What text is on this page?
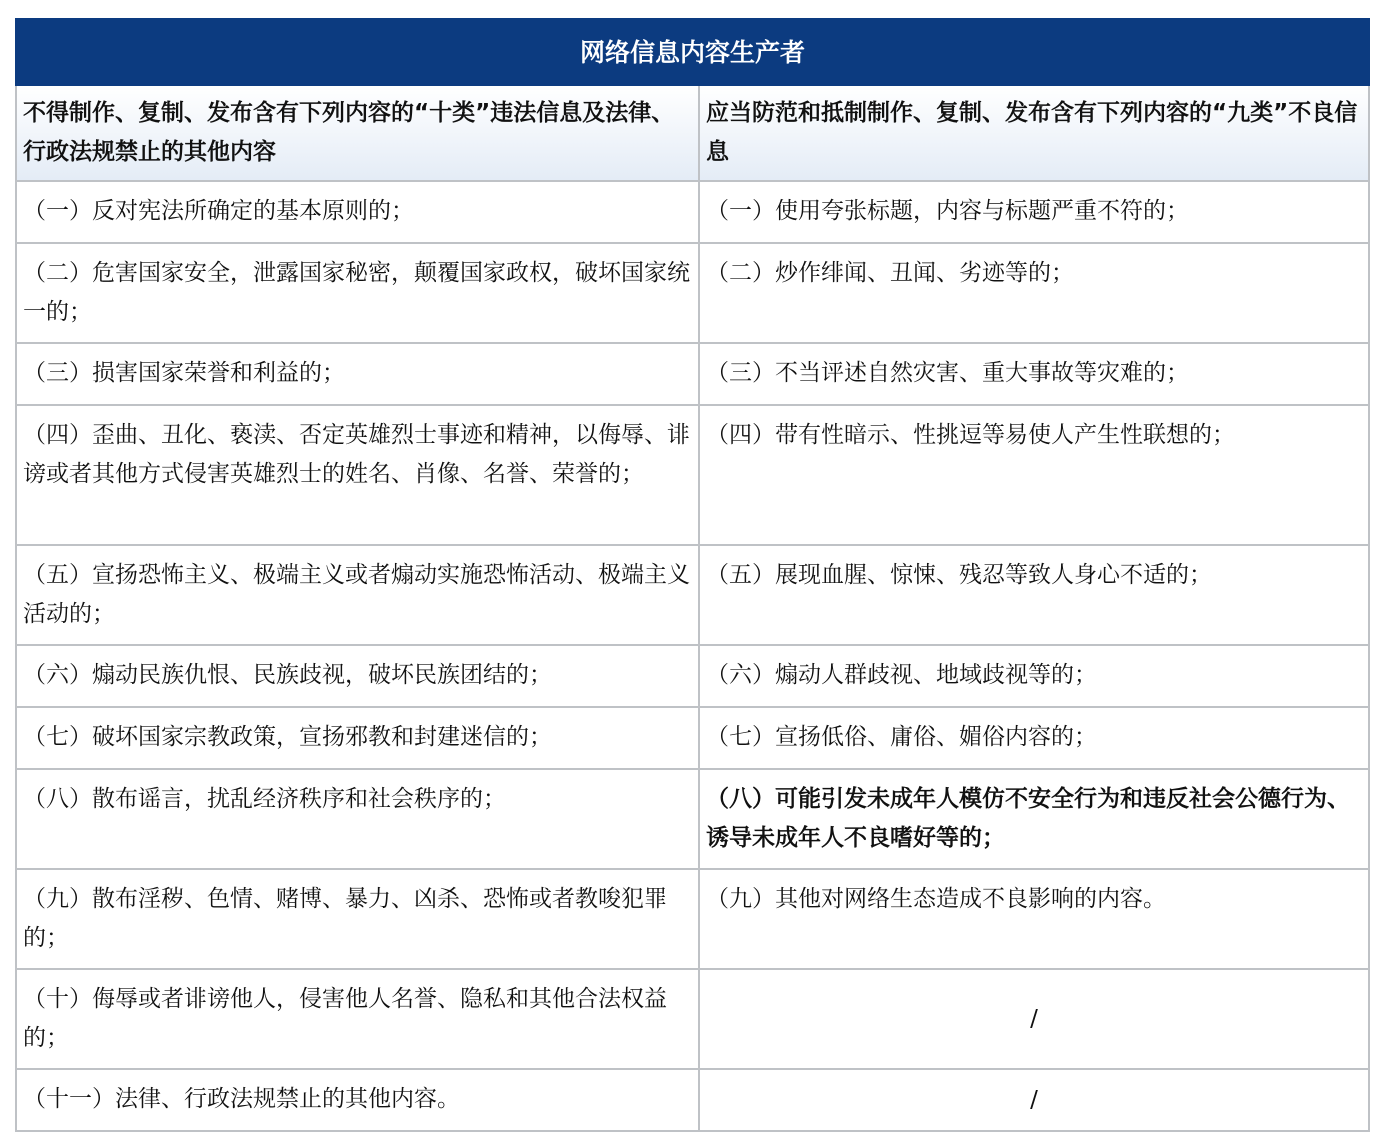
网络信息内容生产者	
不得制作、复制、发布含有下列内容的“十类”违法信息及法律、行政法规禁止的其他内容	应当防范和抵制制作、复制、发布含有下列内容的“九类”不良信息
（一）反对宪法所确定的基本原则的；	（一）使用夸张标题，内容与标题严重不符的；
（二）危害国家安全，泄露国家秘密，颠覆国家政权，破坏国家统一的；	（二）炒作绯闻、丑闻、劣迹等的；
（三）损害国家荣誉和利益的；	（三）不当评述自然灾害、重大事故等灾难的；
（四）歪曲、丑化、亵渎、否定英雄烈士事迹和精神，以侮辱、诽谤或者其他方式侵害英雄烈士的姓名、肖像、名誉、荣誉的；	（四）带有性暗示、性挑逗等易使人产生性联想的；
（五）宣扬恐怖主义、极端主义或者煽动实施恐怖活动、极端主义活动的；	（五）展现血腥、惊悚、残忍等致人身心不适的；
（六）煽动民族仇恨、民族歧视，破坏民族团结的；	（六）煽动人群歧视、地域歧视等的；
（七）破坏国家宗教政策，宣扬邪教和封建迷信的；	（七）宣扬低俗、庸俗、媚俗内容的；
（八）散布谣言，扰乱经济秩序和社会秩序的；	（八）可能引发未成年人模仿不安全行为和违反社会公德行为、诱导未成年人不良嗜好等的；
（九）散布淫秽、色情、赌博、暴力、凶杀、恐怖或者教唆犯罪的；	（九）其他对网络生态造成不良影响的内容。
（十）侮辱或者诽谤他人，侵害他人名誉、隐私和其他合法权益的；	/
（十一）法律、行政法规禁止的其他内容。	/
